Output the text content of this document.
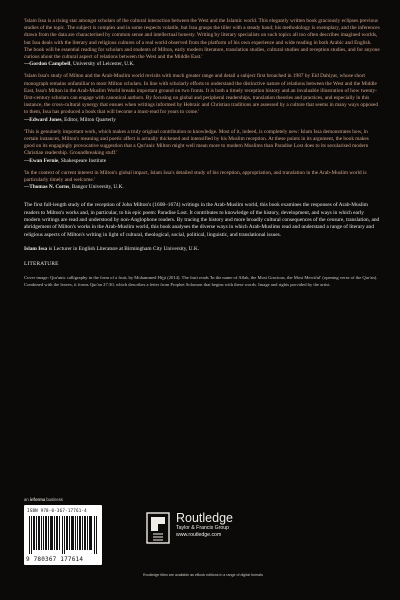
'Islam Issa is a rising star amongst scholars of the cultural interaction between the West and the Islamic world. This elegantly written book graciously eclipses previous studies of the topic. The subject is complex and in some respects volatile, but Issa grasps the tiller with a steady hand; his methodology is exemplary, and the inferences drawn from the data are characterised by common sense and intellectual honesty. Writing by literary specialists on such topics all too often describes imagined worlds, but Issa deals with the literary and religious cultures of a real world observed from the platform of his own experience and wide reading in both Arabic and English. The book will be essential reading for scholars and students of Milton, early modern literature, translation studies, cultural studies and reception studies, and for anyone curious about the cultural aspect of relations between the West and the Middle East.'
—Gordon Campbell, University of Leicester, U.K.
'Islam Issa's study of Milton and the Arab-Muslim world revisits with much greater range and detail a subject first broached in 1987 by Eid Dahiyat, whose short monograph remains unfamiliar to most Milton scholars. In line with scholarly efforts to understand the distinctive nature of relations between the West and the Middle East, Issa's Milton in the Arab-Muslim World breaks important ground on two fronts. It is both a timely reception history and an invaluable illustration of how twenty-first-century scholars can engage with canonical authors. By focusing on global and peripheral readerships, translation theories and practices, and especially in this instance, the cross-cultural synergy that ensues when writings informed by Hebraic and Christian traditions are assessed by a culture that seems in many ways opposed to them, Issa has produced a book that will become a must-read for years to come.'
—Edward Jones, Editor, Milton Quarterly
'This is genuinely important work, which makes a truly original contribution to knowledge. Most of it, indeed, is completely new: Islam Issa demonstrates how, in certain instances, Milton's meaning and poetic affect is actually thickened and intensified by his Muslim reception. At these points in its argument, the book makes good on its engagingly provocative suggestion that a Qur'anic Milton might well mean more to modern Muslims than Paradise Lost does to its secularised modern Christian readership. Groundbreaking stuff.'
—Ewan Fernie, Shakespeare Institute
'In the context of current interest in Milton's global impact, Islam Issa's detailed study of his reception, appropriation, and translation in the Arab-Muslim world is particularly timely and welcome.'
—Thomas N. Corns, Bangor University, U.K.

The first full-length study of the reception of John Milton's (1608–1674) writings in the Arab-Muslim world, this book examines the responses of Arab-Muslim readers to Milton's works and, in particular, to his epic poem: Paradise Lost. It contributes to knowledge of the history, development, and ways in which early modern writings are read and understood by non-Anglophone readers. By tracing the history and more broadly cultural consequences of the censure, translation, and abridgement of Milton's works in the Arab-Muslim world, this book analyses the diverse ways in which Arab-Muslims read and understand a range of literary and religious aspects of Milton's writing in light of cultural, theological, social, political, linguistic, and translational issues.

Islam Issa is Lecturer in English Literature at Birmingham City University, U.K.

LITERATURE

Cover image: Qur'anic calligraphy in the form of a fruit, by Mohammed Hijji (2014). The fruit reads 'In the name of Allah, the Most Gracious, the Most Merciful' (opening verse of the Qur'an). Combined with the leaves, it forms Qur'an 27:30, which describes a letter from Prophet Solomon that begins with these words. Image and rights provided by the artist.

an informa business
ISBN 978-0-367-17761-4
9 780367 177614
Routledge
Taylor & Francis Group
www.routledge.com
Routledge titles are available as eBook editions in a range of digital formats
